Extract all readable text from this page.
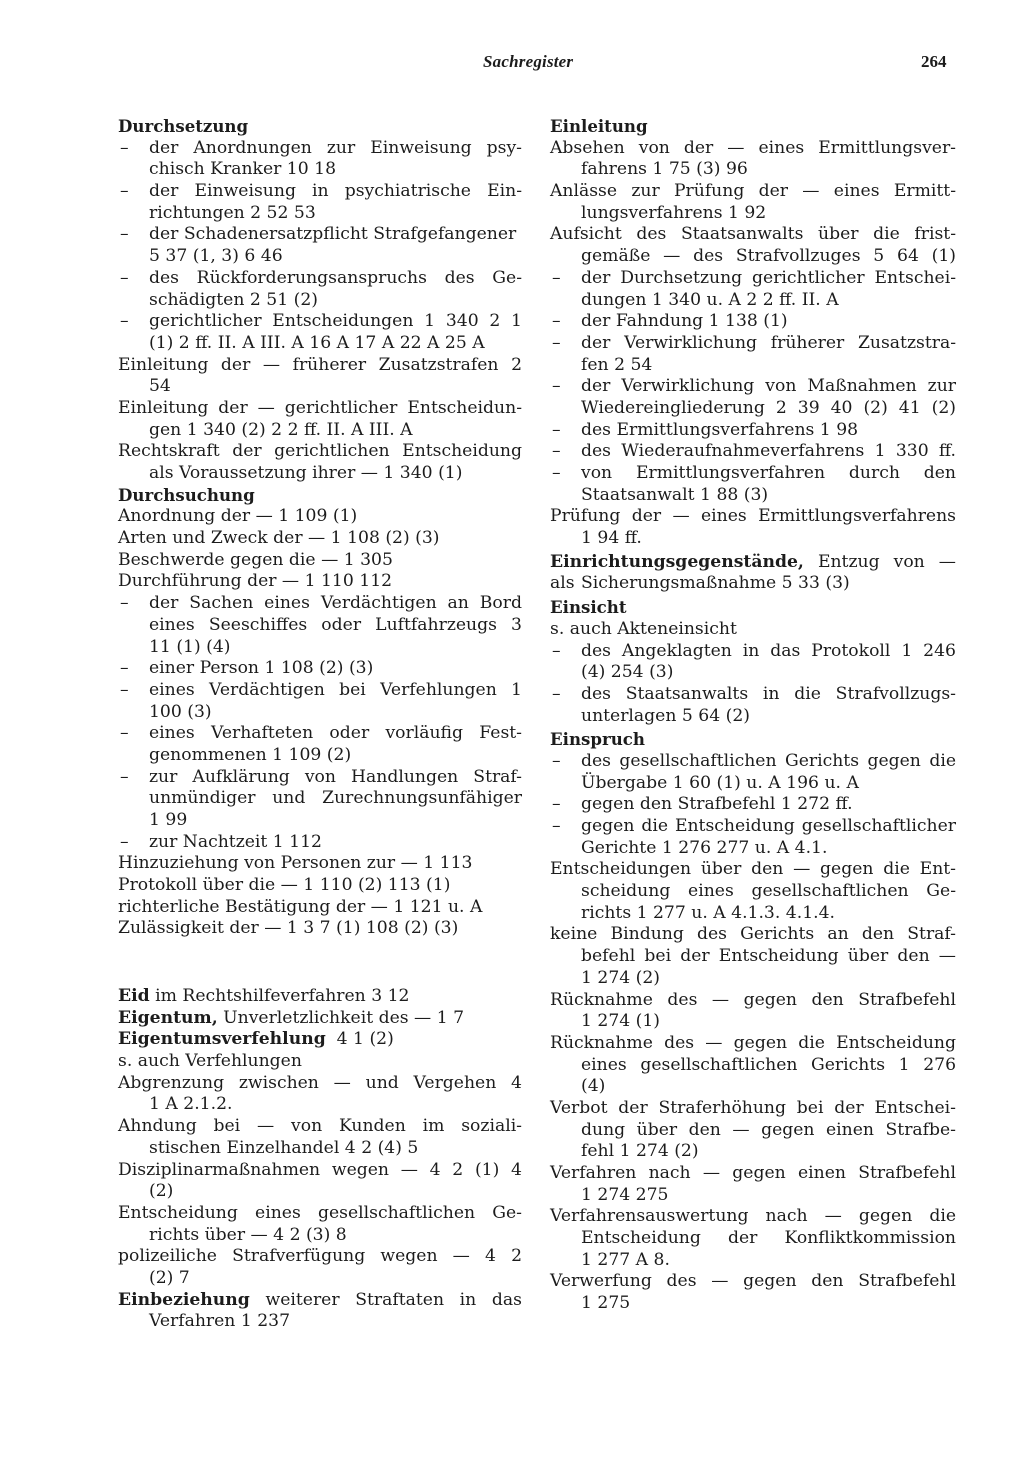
Sachregister	264
Durchsetzung
– der Anordnungen zur Einweisung psy-
chisch Kranker 10 18
– der Einweisung in psychiatrische Ein-
richtungen 2 52 53
– der Schadenersatzpflicht Strafgefangener
5 37 (1, 3) 6 46
– des Rückforderungsanspruchs des Ge-
schädigten 2 51 (2)
– gerichtlicher Entscheidungen 1 340 2 1
(1) 2 ff. II. A III. A 16 A 17 A 22 A 25 A
Einleitung der — früherer Zusatzstrafen 2
54
Einleitung der — gerichtlicher Entscheidun-
gen 1 340 (2) 2 2 ff. II. A III. A
Rechtskraft der gerichtlichen Entscheidung
als Voraussetzung ihrer — 1 340 (1)
Durchsuchung
Anordnung der — 1 109 (1)
Arten und Zweck der — 1 108 (2) (3)
Beschwerde gegen die — 1 305
Durchführung der — 1 110 112
– der Sachen eines Verdächtigen an Bord
eines Seeschiffes oder Luftfahrzeugs 3
11 (1) (4)
– einer Person 1 108 (2) (3)
– eines Verdächtigen bei Verfehlungen 1
100 (3)
– eines Verhafteten oder vorläufig Fest-
genommenen 1 109 (2)
– zur Aufklärung von Handlungen Straf-
unmündiger und Zurechnungsunfähiger
1 99
– zur Nachtzeit 1 112
Hinzuziehung von Personen zur — 1 113
Protokoll über die — 1 110 (2) 113 (1)
richterliche Bestätigung der — 1 121 u. A
Zulässigkeit der — 1 3 7 (1) 108 (2) (3)
Eid im Rechtshilfeverfahren 3 12
Eigentum, Unverletzlichkeit des — 1 7
Eigentumsverfehlung 4 1 (2)
s. auch Verfehlungen
Abgrenzung zwischen — und Vergehen 4
1 A 2.1.2.
Ahndung bei — von Kunden im soziali-
stischen Einzelhandel 4 2 (4) 5
Disziplinarmaßnahmen wegen — 4 2 (1) 4
(2)
Entscheidung eines gesellschaftlichen Ge-
richts über — 4 2 (3) 8
polizeiliche Strafverfügung wegen — 4 2
(2) 7
Einbeziehung weiterer Straftaten in das
Verfahren 1 237
Einleitung
Absehen von der — eines Ermittlungsver-
fahrens 1 75 (3) 96
Anlässe zur Prüfung der — eines Ermitt-
lungsverfahrens 1 92
Aufsicht des Staatsanwalts über die frist-
gemäße — des Strafvollzuges 5 64 (1)
– der Durchsetzung gerichtlicher Entschei-
dungen 1 340 u. A 2 2 ff. II. A
– der Fahndung 1 138 (1)
– der Verwirklichung früherer Zusatzstra-
fen 2 54
– der Verwirklichung von Maßnahmen zur
Wiedereingliederung 2 39 40 (2) 41 (2)
– des Ermittlungsverfahrens 1 98
– des Wiederaufnahmeverfahrens 1 330 ff.
– von Ermittlungsverfahren durch den
Staatsanwalt 1 88 (3)
Prüfung der — eines Ermittlungsverfahrens
1 94 ff.
Einrichtungsgegenstände, Entzug von — als Sicherungsmaßnahme 5 33 (3)
Einsicht
s. auch Akteneinsicht
– des Angeklagten in das Protokoll 1 246
(4) 254 (3)
– des Staatsanwalts in die Strafvollzugs-
unterlagen 5 64 (2)
Einspruch
– des gesellschaftlichen Gerichts gegen die
Übergabe 1 60 (1) u. A 196 u. A
– gegen den Strafbefehl 1 272 ff.
– gegen die Entscheidung gesellschaftlicher
Gerichte 1 276 277 u. A 4.1.
Entscheidungen über den — gegen die Ent-
scheidung eines gesellschaftlichen Ge-
richts 1 277 u. A 4.1.3. 4.1.4.
keine Bindung des Gerichts an den Straf-
befehl bei der Entscheidung über den —
1 274 (2)
Rücknahme des — gegen den Strafbefehl
1 274 (1)
Rücknahme des — gegen die Entscheidung
eines gesellschaftlichen Gerichts 1 276
(4)
Verbot der Straferhöhung bei der Entschei-
dung über den — gegen einen Strafbe-
fehl 1 274 (2)
Verfahren nach — gegen einen Strafbefehl
1 274 275
Verfahrensauswertung nach — gegen die
Entscheidung der Konfliktkommission
1 277 A 8.
Verwerfung des — gegen den Strafbefehl
1 275
